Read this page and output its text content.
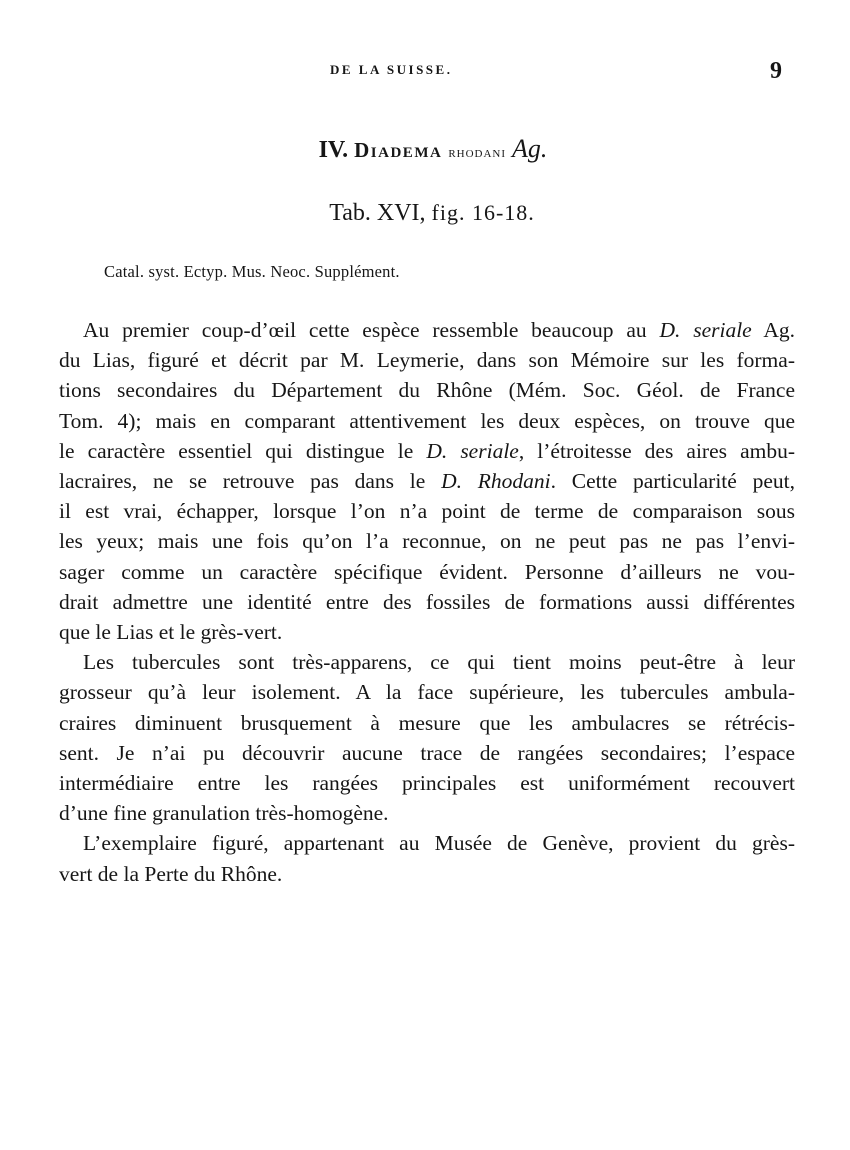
DE LA SUISSE.	9
IV. Diadema rhodani Ag.
Tab. XVI, fig. 16-18.
Catal. syst. Ectyp. Mus. Neoc. Supplément.
Au premier coup-d’œil cette espèce ressemble beaucoup au D. seriale Ag.
du Lias, figuré et décrit par M. Leymerie, dans son Mémoire sur les forma-
tions secondaires du Département du Rhône (Mém. Soc. Géol. de France
Tom. 4); mais en comparant attentivement les deux espèces, on trouve que
le caractère essentiel qui distingue le D. seriale, l’étroitesse des aires ambu-
lacraires, ne se retrouve pas dans le D. Rhodani. Cette particularité peut,
il est vrai, échapper, lorsque l’on n’a point de terme de comparaison sous
les yeux; mais une fois qu’on l’a reconnue, on ne peut pas ne pas l’envi-
sager comme un caractère spécifique évident. Personne d’ailleurs ne vou-
drait admettre une identité entre des fossiles de formations aussi différentes
que le Lias et le grès-vert.
Les tubercules sont très-apparens, ce qui tient moins peut-être à leur
grosseur qu’à leur isolement. A la face supérieure, les tubercules ambula-
craires diminuent brusquement à mesure que les ambulacres se rétrécis-
sent. Je n’ai pu découvrir aucune trace de rangées secondaires; l’espace
intermédiaire entre les rangées principales est uniformément recouvert
d’une fine granulation très-homogène.
L’exemplaire figuré, appartenant au Musée de Genève, provient du grès-
vert de la Perte du Rhône.
